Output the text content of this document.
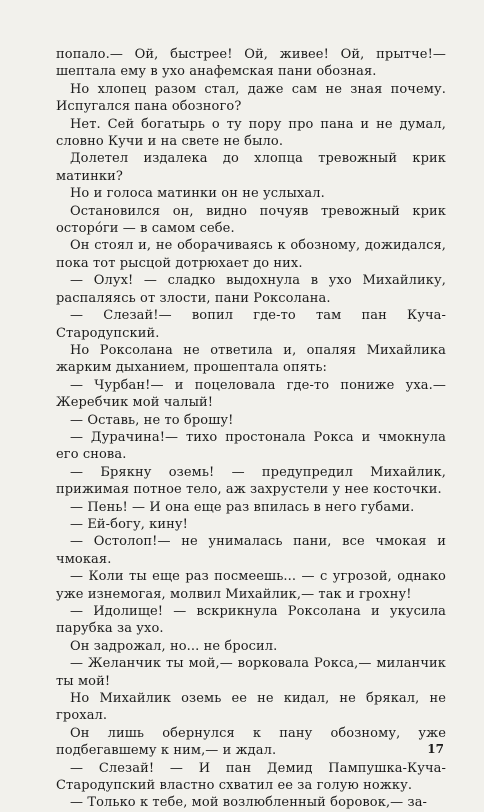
попало.— Ой, быстрее! Ой, живее! Ой, прытче!— шептала ему в ухо анафемская пани обозная.

Но хлопец разом стал, даже сам не зная почему. Испугался пана обозного?

Нет. Сей богатырь о ту пору про пана и не думал, словно Кучи и на свете не было.

Долетел издалека до хлопца тревожный крик матинки?

Но и голоса матинки он не услыхал.

Остановился он, видно почуяв тревожный крик осторо́ги — в самом себе.

Он стоял и, не оборачиваясь к обозному, дожидался, пока тот рысцой дотрюхает до них.

— Олух! — сладко выдохнула в ухо Михайлику, распаляясь от злости, пани Роксолана.

— Слезай!— вопил где-то там пан Куча-Стародупский.

Но Роксолана не ответила и, опаляя Михайлика жарким дыханием, прошептала опять:

— Чурбан!— и поцеловала где-то пониже уха.— Жеребчик мой чалый!

— Оставь, не то брошу!

— Дурачина!— тихо простонала Рокса и чмокнула его снова.

— Брякну оземь! — предупредил Михайлик, прижимая потное тело, аж захрустели у нее косточки.

— Пень! — И она еще раз впилась в него губами.

— Ей-богу, кину!

— Остолоп!— не унималась пани, все чмокая и чмокая.

— Коли ты еще раз посмеешь... — с угрозой, однако уже изнемогая, молвил Михайлик,— так и грохну!

— Идолище! — вскрикнула Роксолана и укусила парубка за ухо.

Он задрожал, но... не бросил.

— Желанчик ты мой,— ворковала Рокса,— миланчик ты мой!

Но Михайлик оземь ее не кидал, не брякал, не грохал.

Он лишь обернулся к пану обозному, уже подбегавшему к ним,— и ждал.

— Слезай! — И пан Демид Пампушка-Куча-Стародупский властно схватил ее за голую ножку.

— Только к тебе, мой возлюбленный боровок,— за-

17
